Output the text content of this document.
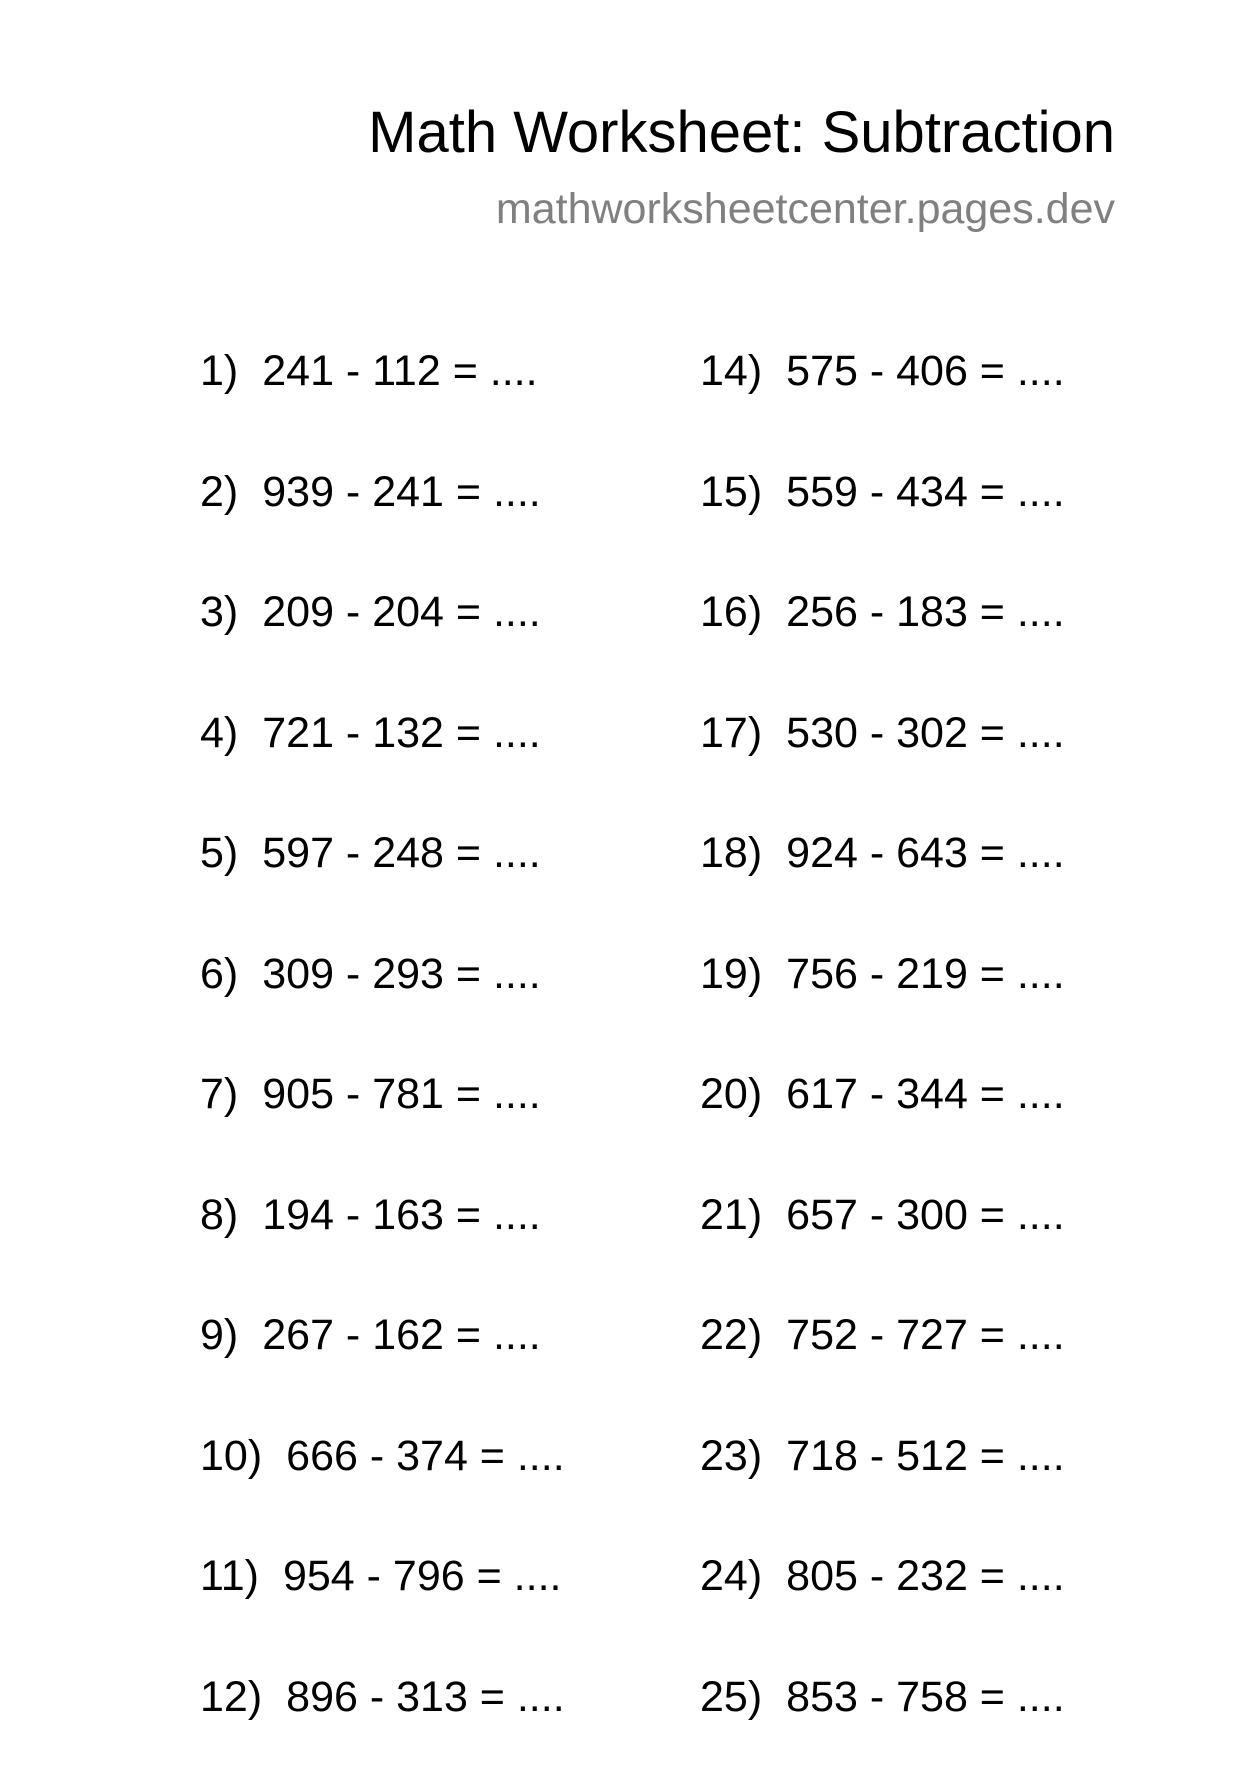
Math Worksheet: Subtraction
mathworksheetcenter.pages.dev
1) 241 - 112 = ....
2) 939 - 241 = ....
3) 209 - 204 = ....
4) 721 - 132 = ....
5) 597 - 248 = ....
6) 309 - 293 = ....
7) 905 - 781 = ....
8) 194 - 163 = ....
9) 267 - 162 = ....
10) 666 - 374 = ....
11) 954 - 796 = ....
12) 896 - 313 = ....
14) 575 - 406 = ....
15) 559 - 434 = ....
16) 256 - 183 = ....
17) 530 - 302 = ....
18) 924 - 643 = ....
19) 756 - 219 = ....
20) 617 - 344 = ....
21) 657 - 300 = ....
22) 752 - 727 = ....
23) 718 - 512 = ....
24) 805 - 232 = ....
25) 853 - 758 = ....
